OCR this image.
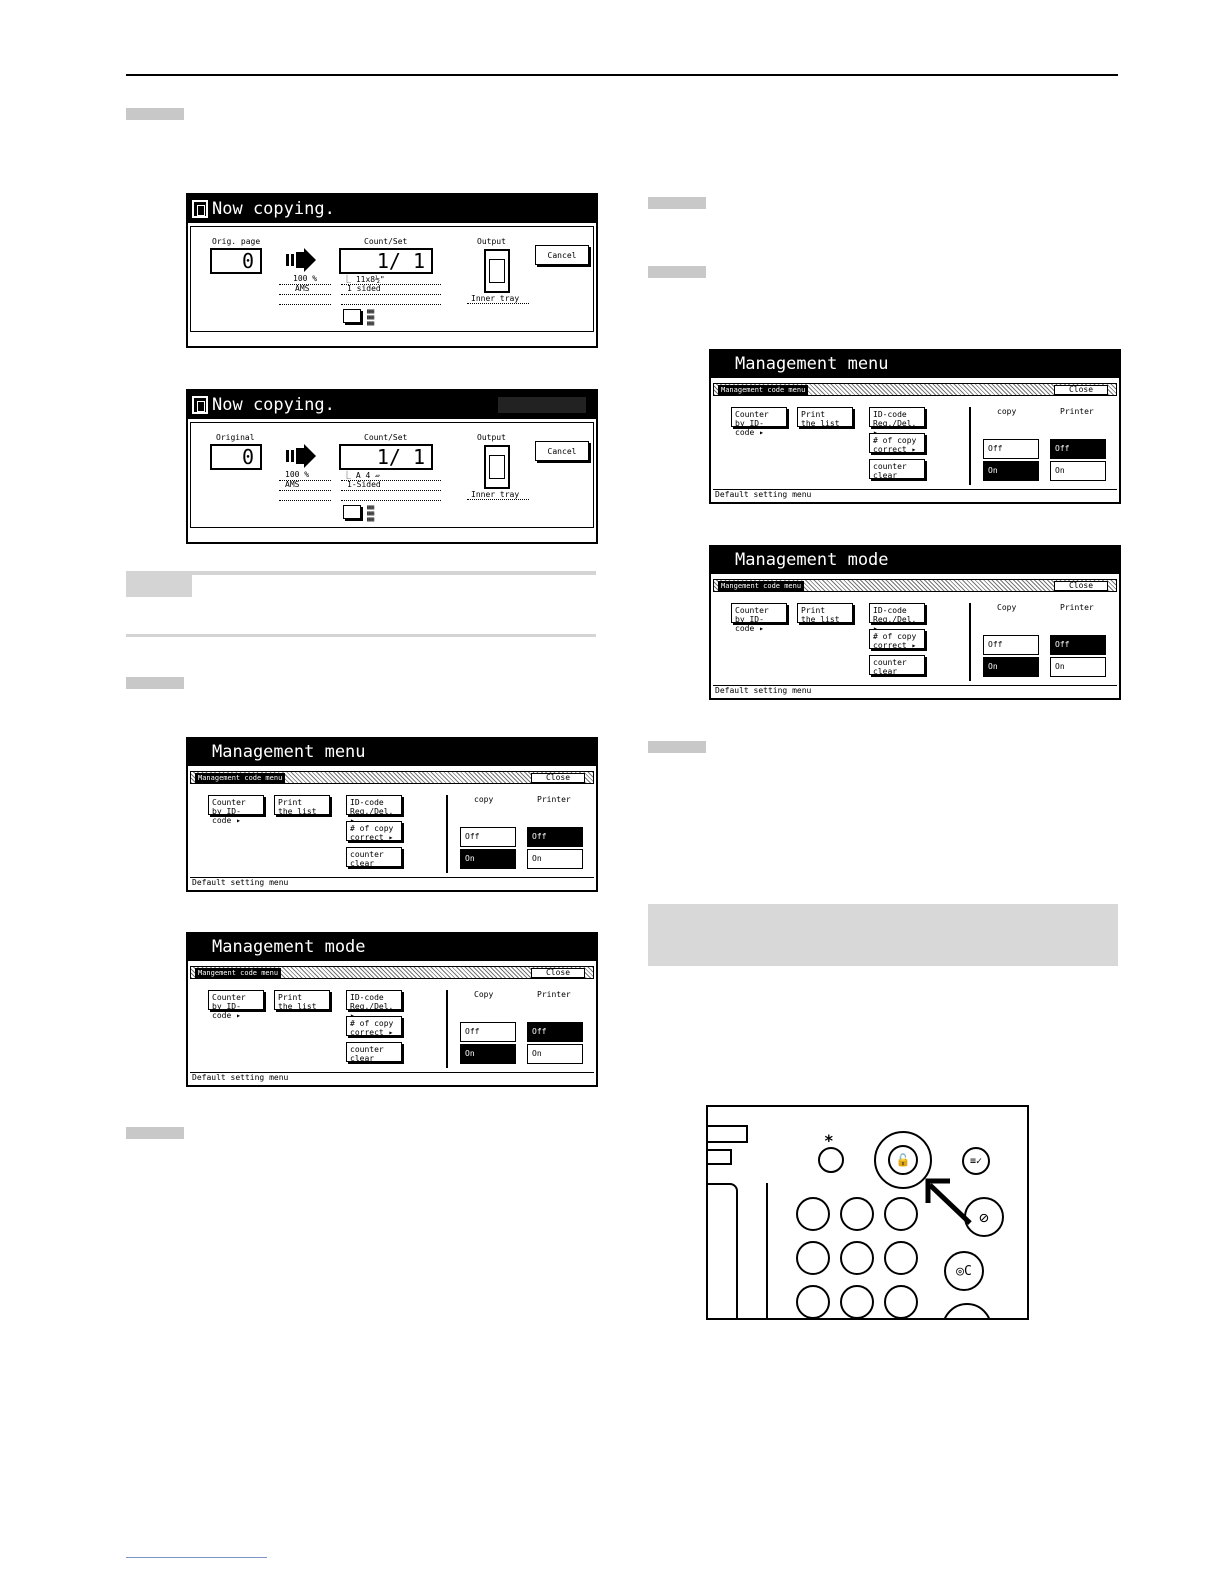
Now copying.
Orig. page
0
100 %
AMS
Count/Set
1/ 1
⎿ 11x8½"
1 sided
▦▦
▦▦
▦▦
Output
Inner tray
Cancel
Now copying.
Original
0
100 %
AMS
Count/Set
1/ 1
⎿ A 4 ▱
1-Sided
▦▦
▦▦
▦▦
Output
Inner tray
Cancel
Management menu
Management code menu	Close
Counter
by ID-code ▸
Print
the list
ID-code
Reg./Del.
# of copy
correct ▸
counter
clear
copy	Printer
Off
On
Off
On
Default setting menu
Management mode
Mangement code menu	Close
Counter
by ID-code ▸
Print
the list
ID-code
Reg./Del.
# of copy
correct ▸
counter
clear
Copy	Printer
Off
On
Off
On
Default setting menu
Management menu
Management code menu	Close
Counter
by ID-code ▸
Print
the list
ID-code
Reg./Del.
# of copy
correct ▸
counter
clear
copy	Printer
Off
On
Off
On
Default setting menu
Management mode
Mangement code menu	Close
Counter
by ID-code ▸
Print
the list
ID-code
Reg./Del.
# of copy
correct ▸
counter
clear
Copy	Printer
Off
On
Off
On
Default setting menu
*
🔓	≡✓
⊘
◎C
